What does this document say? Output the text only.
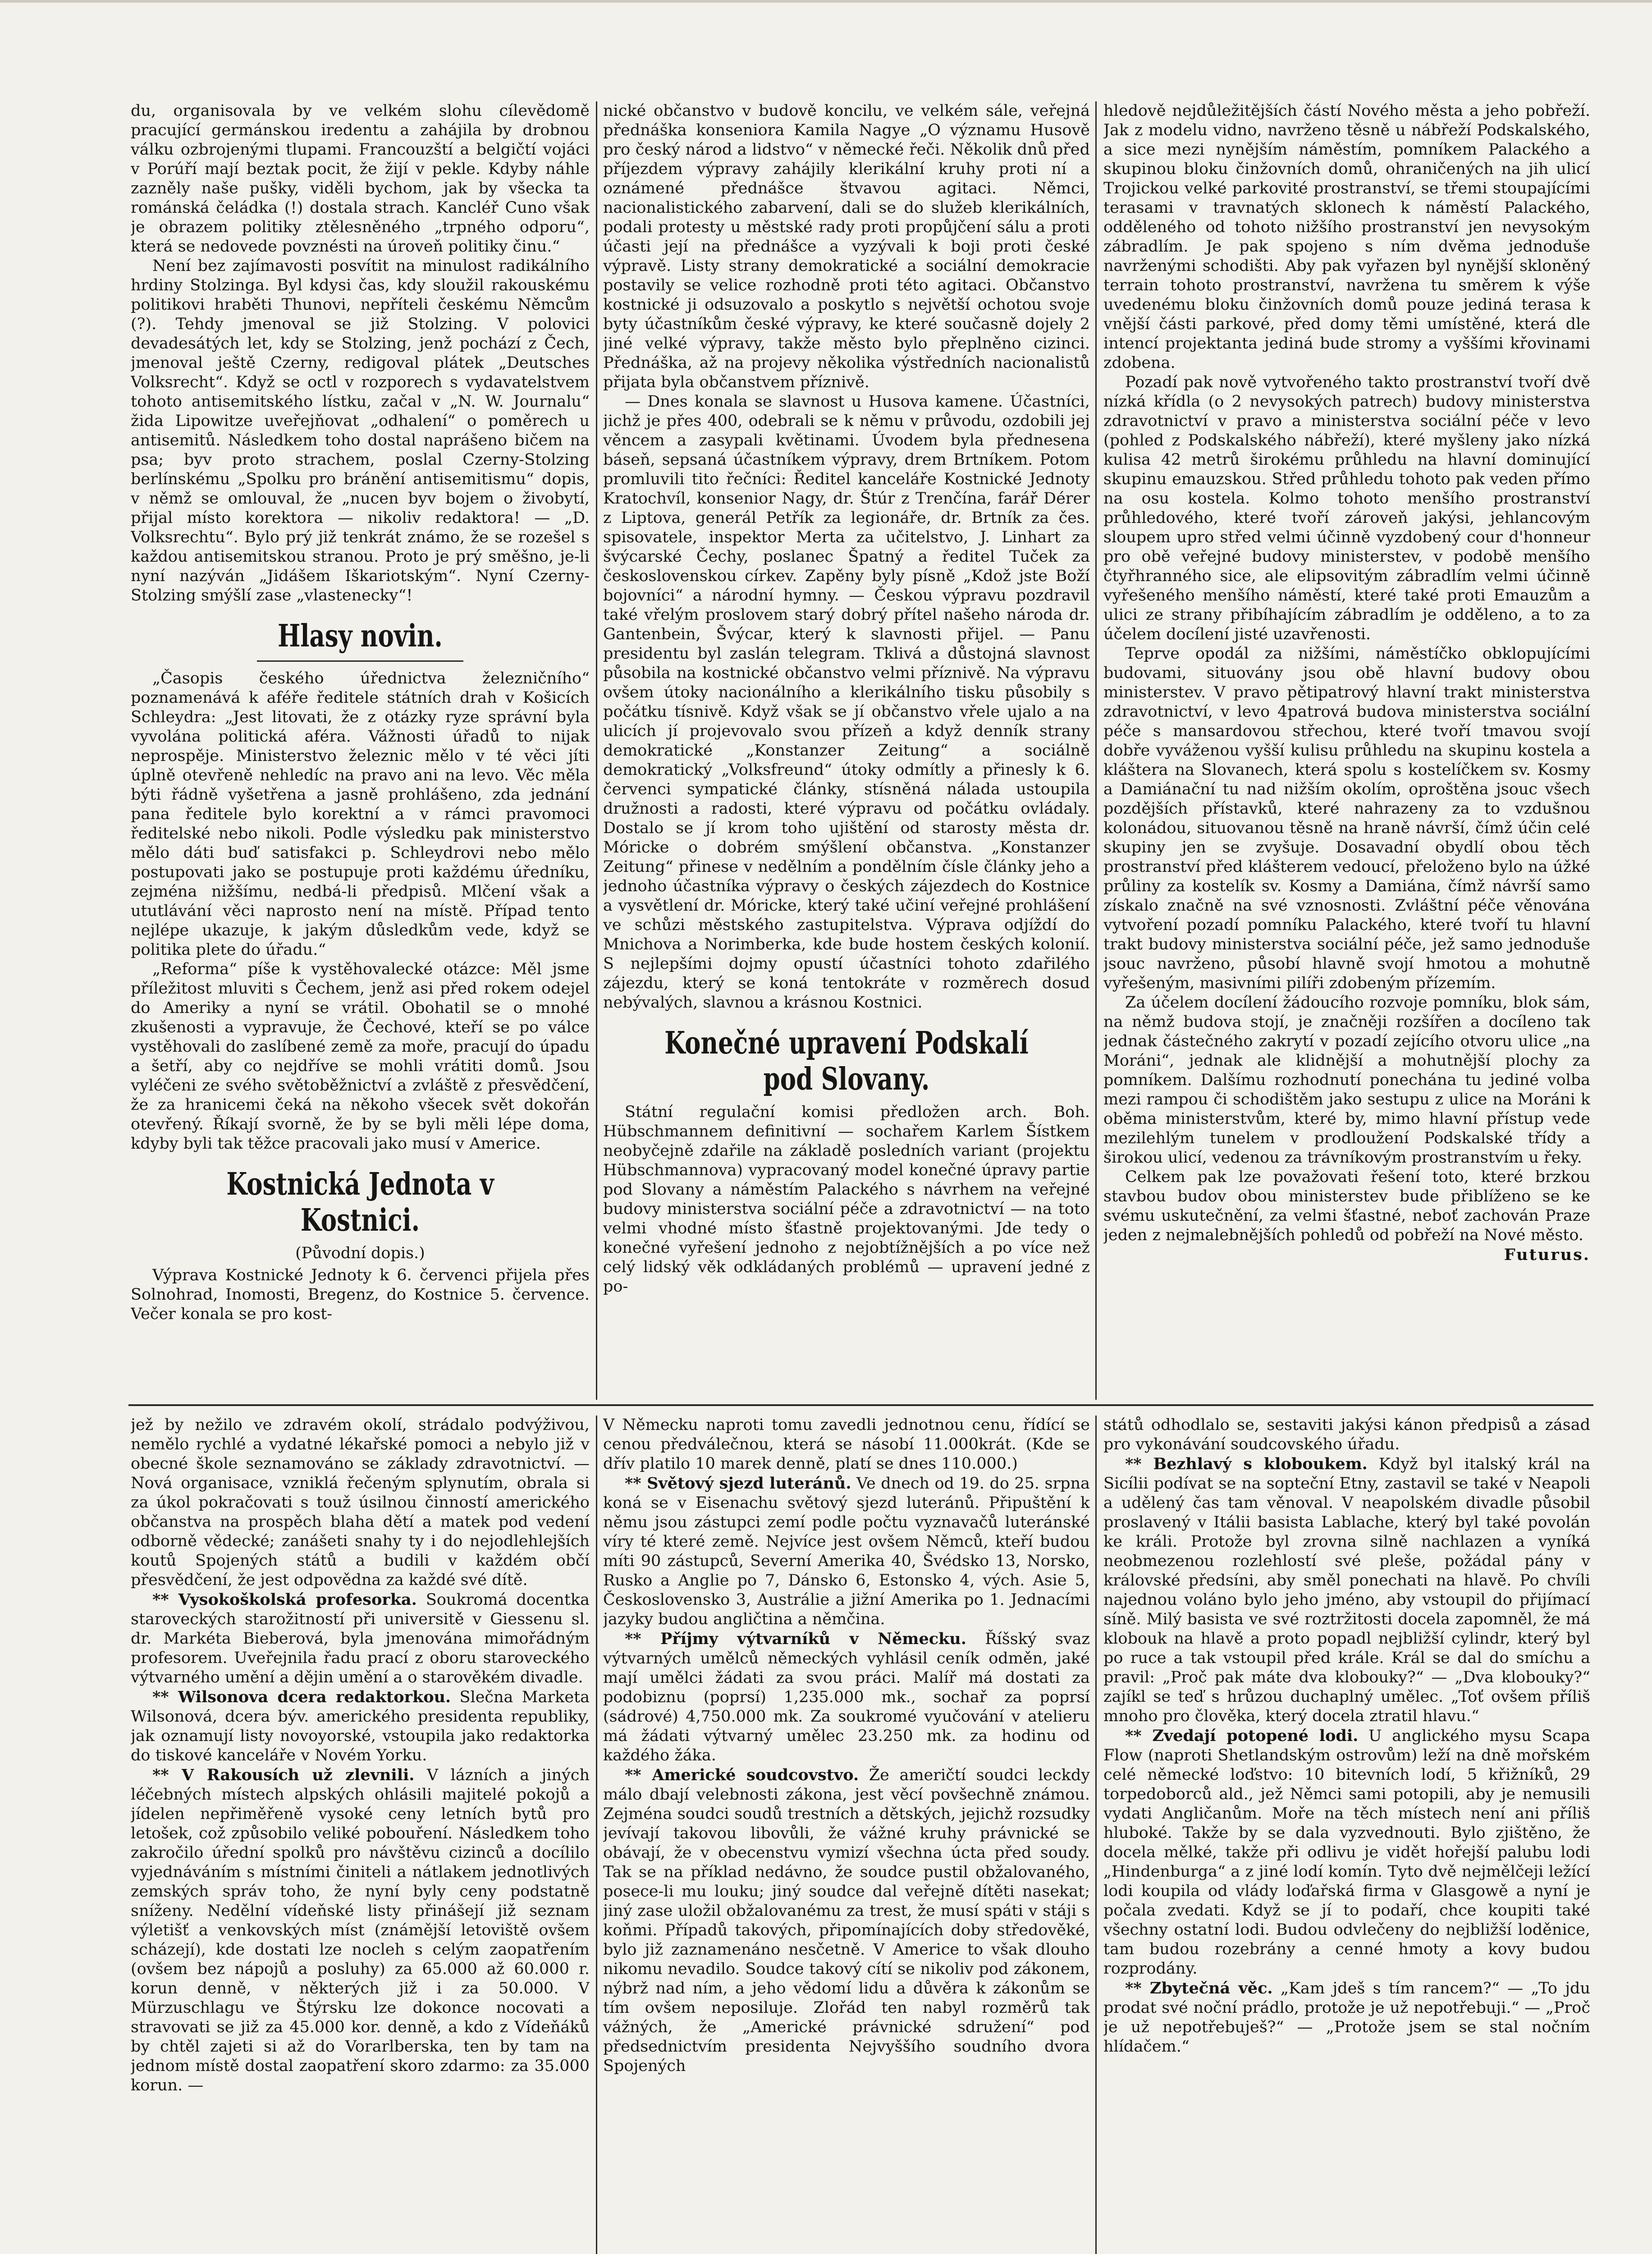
du, organisovala by ve velkém slohu cílevědomě pracující germánskou iredentu a zahájila by drobnou válku ozbrojenými tlupami. Francouzští a belgičtí vojáci v Porúří mají beztak pocit, že žijí v pekle. Kdyby náhle zazněly naše pušky, viděli bychom, jak by všecka ta románská čeládka (!) dostala strach. Kancléř Cuno však je obrazem politiky ztělesněného „trpného odporu“, která se nedovede povznésti na úroveň politiky činu.“

Není bez zajímavosti posvítit na minulost radikálního hrdiny Stolzinga. Byl kdysi čas, kdy sloužil rakouskému politikovi hraběti Thunovi, nepříteli českému Němcům (?). Tehdy jmenoval se již Stolzing. V polovici devadesátých let, kdy se Stolzing, jenž pochází z Čech, jmenoval ještě Czerny, redigoval plátek „Deutsches Volksrecht“. Když se octl v rozporech s vydavatelstvem tohoto antisemitského lístku, začal v „N. W. Journalu“ žida Lipowitze uveřejňovat „odhalení“ o poměrech u antisemitů. Následkem toho dostal naprášeno bičem na psa; byv proto strachem, poslal Czerny-Stolzing berlínskému „Spolku pro bránění antisemitismu“ dopis, v němž se omlouval, že „nucen byv bojem o živobytí, přijal místo korektora — nikoliv redaktora! — „D. Volksrechtu“. Bylo prý již tenkrát známo, že se rozešel s každou antisemitskou stranou. Proto je prý směšno, je-li nyní nazýván „Jidášem Iškariotským“. Nyní Czerny-Stolzing smýšlí zase „vlastenecky“!

Hlasy novin.

„Časopis českého úřednictva železničního“ poznamenává k aféře ředitele státních drah v Košicích Schleydra: „Jest litovati, že z otázky ryze správní byla vyvolána politická aféra. Vážnosti úřadů to nijak neprospěje. Ministerstvo železnic mělo v té věci jíti úplně otevřeně nehledíc na pravo ani na levo. Věc měla býti řádně vyšetřena a jasně prohlášeno, zda jednání pana ředitele bylo korektní a v rámci pravomoci ředitelské nebo nikoli. Podle výsledku pak ministerstvo mělo dáti buď satisfakci p. Schleydrovi nebo mělo postupovati jako se postupuje proti každému úředníku, zejména nižšímu, nedbá-li předpisů. Mlčení však a ututlávání věci naprosto není na místě. Případ tento nejlépe ukazuje, k jakým důsledkům vede, když se politika plete do úřadu.“

„Reforma“ píše k vystěhovalecké otázce: Měl jsme příležitost mluviti s Čechem, jenž asi před rokem odejel do Ameriky a nyní se vrátil. Obohatil se o mnohé zkušenosti a vypravuje, že Čechové, kteří se po válce vystěhovali do zaslíbené země za moře, pracují do úpadu a šetří, aby co nejdříve se mohli vrátiti domů. Jsou vyléčeni ze svého světoběžnictví a zvláště z přesvědčení, že za hranicemi čeká na někoho všecek svět dokořán otevřený. Říkají svorně, že by se byli měli lépe doma, kdyby byli tak těžce pracovali jako musí v Americe.

Kostnická Jednota v Kostnici.

(Původní dopis.)

Výprava Kostnické Jednoty k 6. červenci přijela přes Solnohrad, Inomosti, Bregenz, do Kostnice 5. července. Večer konala se pro kost-

nické občanstvo v budově koncilu, ve velkém sále, veřejná přednáška konseniora Kamila Nagye „O významu Husově pro český národ a lidstvo“ v německé řeči. Několik dnů před příjezdem výpravy zahájily klerikální kruhy proti ní a oznámené přednášce štvavou agitaci. Němci, nacionalistického zabarvení, dali se do služeb klerikálních, podali protesty u městské rady proti propůjčení sálu a proti účasti její na přednášce a vyzývali k boji proti české výpravě. Listy strany demokratické a sociální demokracie postavily se velice rozhodně proti této agitaci. Občanstvo kostnické ji odsuzovalo a poskytlo s největší ochotou svoje byty účastníkům české výpravy, ke které současně dojely 2 jiné velké výpravy, takže město bylo přeplněno cizinci. Přednáška, až na projevy několika výstředních nacionalistů přijata byla občanstvem příznivě.

— Dnes konala se slavnost u Husova kamene. Účastníci, jichž je přes 400, odebrali se k němu v průvodu, ozdobili jej věncem a zasypali květinami. Úvodem byla přednesena báseň, sepsaná účastníkem výpravy, drem Brtníkem. Potom promluvili tito řečníci: Ředitel kanceláře Kostnické Jednoty Kratochvíl, konsenior Nagy, dr. Štúr z Trenčína, farář Dérer z Liptova, generál Petřík za legionáře, dr. Brtník za čes. spisovatele, inspektor Merta za učitelstvo, J. Linhart za švýcarské Čechy, poslanec Špatný a ředitel Tuček za československou církev. Zapěny byly písně „Kdož jste Boží bojovníci“ a národní hymny. — Českou výpravu pozdravil také vřelým proslovem starý dobrý přítel našeho národa dr. Gantenbein, Švýcar, který k slavnosti přijel. — Panu presidentu byl zaslán telegram. Tklivá a důstojná slavnost působila na kostnické občanstvo velmi příznivě. Na výpravu ovšem útoky nacionálního a klerikálního tisku působily s počátku tísnivě. Když však se jí občanstvo vřele ujalo a na ulicích jí projevovalo svou přízeň a když denník strany demokratické „Konstanzer Zeitung“ a sociálně demokratický „Volksfreund“ útoky odmítly a přinesly k 6. červenci sympatické články, stísněná nálada ustoupila družnosti a radosti, které výpravu od počátku ovládaly. Dostalo se jí krom toho ujištění od starosty města dr. Móricke o dobrém smýšlení občanstva. „Konstanzer Zeitung“ přinese v nedělním a pondělním čísle články jeho a jednoho účastníka výpravy o českých zájezdech do Kostnice a vysvětlení dr. Móricke, který také učiní veřejné prohlášení ve schůzi městského zastupitelstva. Výprava odjíždí do Mnichova a Norimberka, kde bude hostem českých kolonií. S nejlepšími dojmy opustí účastníci tohoto zdařilého zájezdu, který se koná tentokráte v rozměrech dosud nebývalých, slavnou a krásnou Kostnici.

Konečné upravení Podskalí pod Slovany.

Státní regulační komisi předložen arch. Boh. Hübschmannem definitivní — sochařem Karlem Šístkem neobyčejně zdařile na základě posledních variant (projektu Hübschmannova) vypracovaný model konečné úpravy partie pod Slovany a náměstím Palackého s návrhem na veřejné budovy ministerstva sociální péče a zdravotnictví — na toto velmi vhodné místo šťastně projektovanými. Jde tedy o konečné vyřešení jednoho z nejobtížnějších a po více než celý lidský věk odkládaných problémů — upravení jedné z po-

hledově nejdůležitějších částí Nového města a jeho pobřeží. Jak z modelu vidno, navrženo těsně u nábřeží Podskalského, a sice mezi nynějším náměstím, pomníkem Palackého a skupinou bloku činžovních domů, ohraničených na jih ulicí Trojickou velké parkovité prostranství, se třemi stoupajícími terasami v travnatých sklonech k náměstí Palackého, odděleného od tohoto nižšího prostranství jen nevysokým zábradlím. Je pak spojeno s ním dvěma jednoduše navrženými schodišti. Aby pak vyřazen byl nynější skloněný terrain tohoto prostranství, navržena tu směrem k výše uvedenému bloku činžovních domů pouze jediná terasa k vnější části parkové, před domy těmi umístěné, která dle intencí projektanta jediná bude stromy a vyššími křovinami zdobena.

Pozadí pak nově vytvořeného takto prostranství tvoří dvě nízká křídla (o 2 nevysokých patrech) budovy ministerstva zdravotnictví v pravo a ministerstva sociální péče v levo (pohled z Podskalského nábřeží), které myšleny jako nízká kulisa 42 metrů širokému průhledu na hlavní dominující skupinu emauzskou. Střed průhledu tohoto pak veden přímo na osu kostela. Kolmo tohoto menšího prostranství průhledového, které tvoří zároveň jakýsi, jehlancovým sloupem upro střed velmi účinně vyzdobený cour d'honneur pro obě veřejné budovy ministerstev, v podobě menšího čtyřhranného sice, ale elipsovitým zábradlím velmi účinně vyřešeného menšího náměstí, které také proti Emauzům a ulici ze strany přibíhajícím zábradlím je odděleno, a to za účelem docílení jisté uzavřenosti.

Teprve opodál za nižšími, náměstíčko obklopujícími budovami, situovány jsou obě hlavní budovy obou ministerstev. V pravo pětipatrový hlavní trakt ministerstva zdravotnictví, v levo 4patrová budova ministerstva sociální péče s mansardovou střechou, které tvoří tmavou svojí dobře vyváženou vyšší kulisu průhledu na skupinu kostela a kláštera na Slovanech, která spolu s kostelíčkem sv. Kosmy a Damiánační tu nad nižším okolím, oproštěna jsouc všech pozdějších přístavků, které nahrazeny za to vzdušnou kolonádou, situovanou těsně na hraně návrší, čímž účin celé skupiny jen se zvyšuje. Dosavadní obydlí obou těch prostranství před klášterem vedoucí, přeloženo bylo na úžké průliny za kostelík sv. Kosmy a Damiána, čímž návrší samo získalo značně na své vznosnosti. Zvláštní péče věnována vytvoření pozadí pomníku Palackého, které tvoří tu hlavní trakt budovy ministerstva sociální péče, jež samo jednoduše jsouc navrženo, působí hlavně svojí hmotou a mohutně vyřešeným, masivními pilíři zdobeným přízemím.

Za účelem docílení žádoucího rozvoje pomníku, blok sám, na němž budova stojí, je značněji rozšířen a docíleno tak jednak částečného zakrytí v pozadí zejícího otvoru ulice „na Moráni“, jednak ale klidnější a mohutnější plochy za pomníkem. Dalšímu rozhodnutí ponechána tu jediné volba mezi rampou či schodištěm jako sestupu z ulice na Moráni k oběma ministerstvům, které by, mimo hlavní přístup vede mezilehlým tunelem v prodloužení Podskalské třídy a širokou ulicí, vedenou za trávníkovým prostranstvím u řeky.

Celkem pak lze považovati řešení toto, které brzkou stavbou budov obou ministerstev bude přiblíženo se ke svému uskutečnění, za velmi šťastné, neboť zachován Praze jeden z nejmalebnějších pohledů od pobřeží na Nové město.

Futurus.

jež by nežilo ve zdravém okolí, strádalo podvýživou, nemělo rychlé a vydatné lékařské pomoci a nebylo již v obecné škole seznamováno se základy zdravotnictví. — Nová organisace, vzniklá řečeným splynutím, obrala si za úkol pokračovati s touž úsilnou činností amerického občanstva na prospěch blaha dětí a matek pod vedení odborně vědecké; zanášeti snahy ty i do nejodlehlejších koutů Spojených států a budili v každém občí přesvědčení, že jest odpovědna za každé své dítě.

** Vysokoškolská profesorka. Soukromá docentka staroveckých starožitností při universitě v Giessenu sl. dr. Markéta Bieberová, byla jmenována mimořádným profesorem. Uveřejnila řadu prací z oboru staroveckého výtvarného umění a dějin umění a o starověkém divadle.

** Wilsonova dcera redaktorkou. Slečna Marketa Wilsonová, dcera býv. amerického presidenta republiky, jak oznamují listy novoyorské, vstoupila jako redaktorka do tiskové kanceláře v Novém Yorku.

** V Rakousích už zlevnili. V lázních a jiných léčebných místech alpských ohlásili majitelé pokojů a jídelen nepřiměřeně vysoké ceny letních bytů pro letošek, což způsobilo veliké pobouření. Následkem toho zakročilo úřední spolků pro návštěvu cizinců a docílilo vyjednáváním s místními činiteli a nátlakem jednotlivých zemských správ toho, že nyní byly ceny podstatně sníženy. Nedělní vídeňské listy přinášejí již seznam výletišť a venkovských míst (známější letoviště ovšem scházejí), kde dostati lze nocleh s celým zaopatřením (ovšem bez nápojů a posluhy) za 65.000 až 60.000 r. korun denně, v některých již i za 50.000. V Mürzuschlagu ve Štýrsku lze dokonce nocovati a stravovati se již za 45.000 kor. denně, a kdo z Vídeňáků by chtěl zajeti si až do Vorarlberska, ten by tam na jednom místě dostal zaopatření skoro zdarmo: za 35.000 korun. —

V Německu naproti tomu zavedli jednotnou cenu, řídící se cenou předválečnou, která se násobí 11.000krát. (Kde se dřív platilo 10 marek denně, platí se dnes 110.000.)

** Světový sjezd luteránů. Ve dnech od 19. do 25. srpna koná se v Eisenachu světový sjezd luteránů. Připuštění k němu jsou zástupci zemí podle počtu vyznavačů luteránské víry té které země. Nejvíce jest ovšem Němců, kteří budou míti 90 zástupců, Severní Amerika 40, Švédsko 13, Norsko, Rusko a Anglie po 7, Dánsko 6, Estonsko 4, vých. Asie 5, Československo 3, Austrálie a jižní Amerika po 1. Jednacími jazyky budou angličtina a němčina.

** Příjmy výtvarníků v Německu. Říšský svaz výtvarných umělců německých vyhlásil ceník odměn, jaké mají umělci žádati za svou práci. Malíř má dostati za podobiznu (poprsí) 1,235.000 mk., sochař za poprsí (sádrové) 4,750.000 mk. Za soukromé vyučování v atelieru má žádati výtvarný umělec 23.250 mk. za hodinu od každého žáka.

** Americké soudcovstvo. Že američtí soudci leckdy málo dbají velebnosti zákona, jest věcí povšechně známou. Zejména soudci soudů trestních a dětských, jejichž rozsudky jevívají takovou libovůli, že vážné kruhy právnické se obávají, že v obecenstvu vymizí všechna úcta před soudy. Tak se na příklad nedávno, že soudce pustil obžalovaného, posece-li mu louku; jiný soudce dal veřejně dítěti nasekat; jiný zase uložil obžalovanému za trest, že musí spáti v stáji s koňmi. Případů takových, připomínajících doby středověké, bylo již zaznamenáno nesčetně. V Americe to však dlouho nikomu nevadilo. Soudce takový cítí se nikoliv pod zákonem, nýbrž nad ním, a jeho vědomí lidu a důvěra k zákonům se tím ovšem neposiluje. Zlořád ten nabyl rozměrů tak vážných, že „Americké právnické sdružení“ pod předsednictvím presidenta Nejvyššího soudního dvora Spojených

států odhodlalo se, sestaviti jakýsi kánon předpisů a zásad pro vykonávání soudcovského úřadu.

** Bezhlavý s kloboukem. Když byl italský král na Sicílii podívat se na sopteční Etny, zastavil se také v Neapoli a udělený čas tam věnoval. V neapolském divadle působil proslavený v Itálii basista Lablache, který byl také povolán ke králi. Protože byl zrovna silně nachlazen a vyníká neobmezenou rozlehlostí své pleše, požádal pány v královské předsíni, aby směl ponechati na hlavě. Po chvíli najednou voláno bylo jeho jméno, aby vstoupil do přijímací síně. Milý basista ve své roztržitosti docela zapomněl, že má klobouk na hlavě a proto popadl nejbližší cylindr, který byl po ruce a tak vstoupil před krále. Král se dal do smíchu a pravil: „Proč pak máte dva klobouky?“ — „Dva klobouky?“ zajíkl se teď s hrůzou duchaplný umělec. „Toť ovšem příliš mnoho pro člověka, který docela ztratil hlavu.“

** Zvedají potopené lodi. U anglického mysu Scapa Flow (naproti Shetlandským ostrovům) leží na dně mořském celé německé loďstvo: 10 bitevních lodí, 5 křižníků, 29 torpedoborců ald., jež Němci sami potopili, aby je nemusili vydati Angličanům. Moře na těch místech není ani příliš hluboké. Takže by se dala vyzvednouti. Bylo zjištěno, že docela mělké, takže při odlivu je vidět hořejší palubu lodi „Hindenburga“ a z jiné lodí komín. Tyto dvě nejmělčeji ležící lodi koupila od vlády loďařská firma v Glasgowě a nyní je počala zvedati. Když se jí to podaří, chce koupiti také všechny ostatní lodi. Budou odvlečeny do nejbližší loděnice, tam budou rozebrány a cenné hmoty a kovy budou rozprodány.

** Zbytečná věc. „Kam jdeš s tím rancem?“ — „To jdu prodat své noční prádlo, protože je už nepotřebuji.“ — „Proč je už nepotřebuješ?“ — „Protože jsem se stal nočním hlídačem.“
